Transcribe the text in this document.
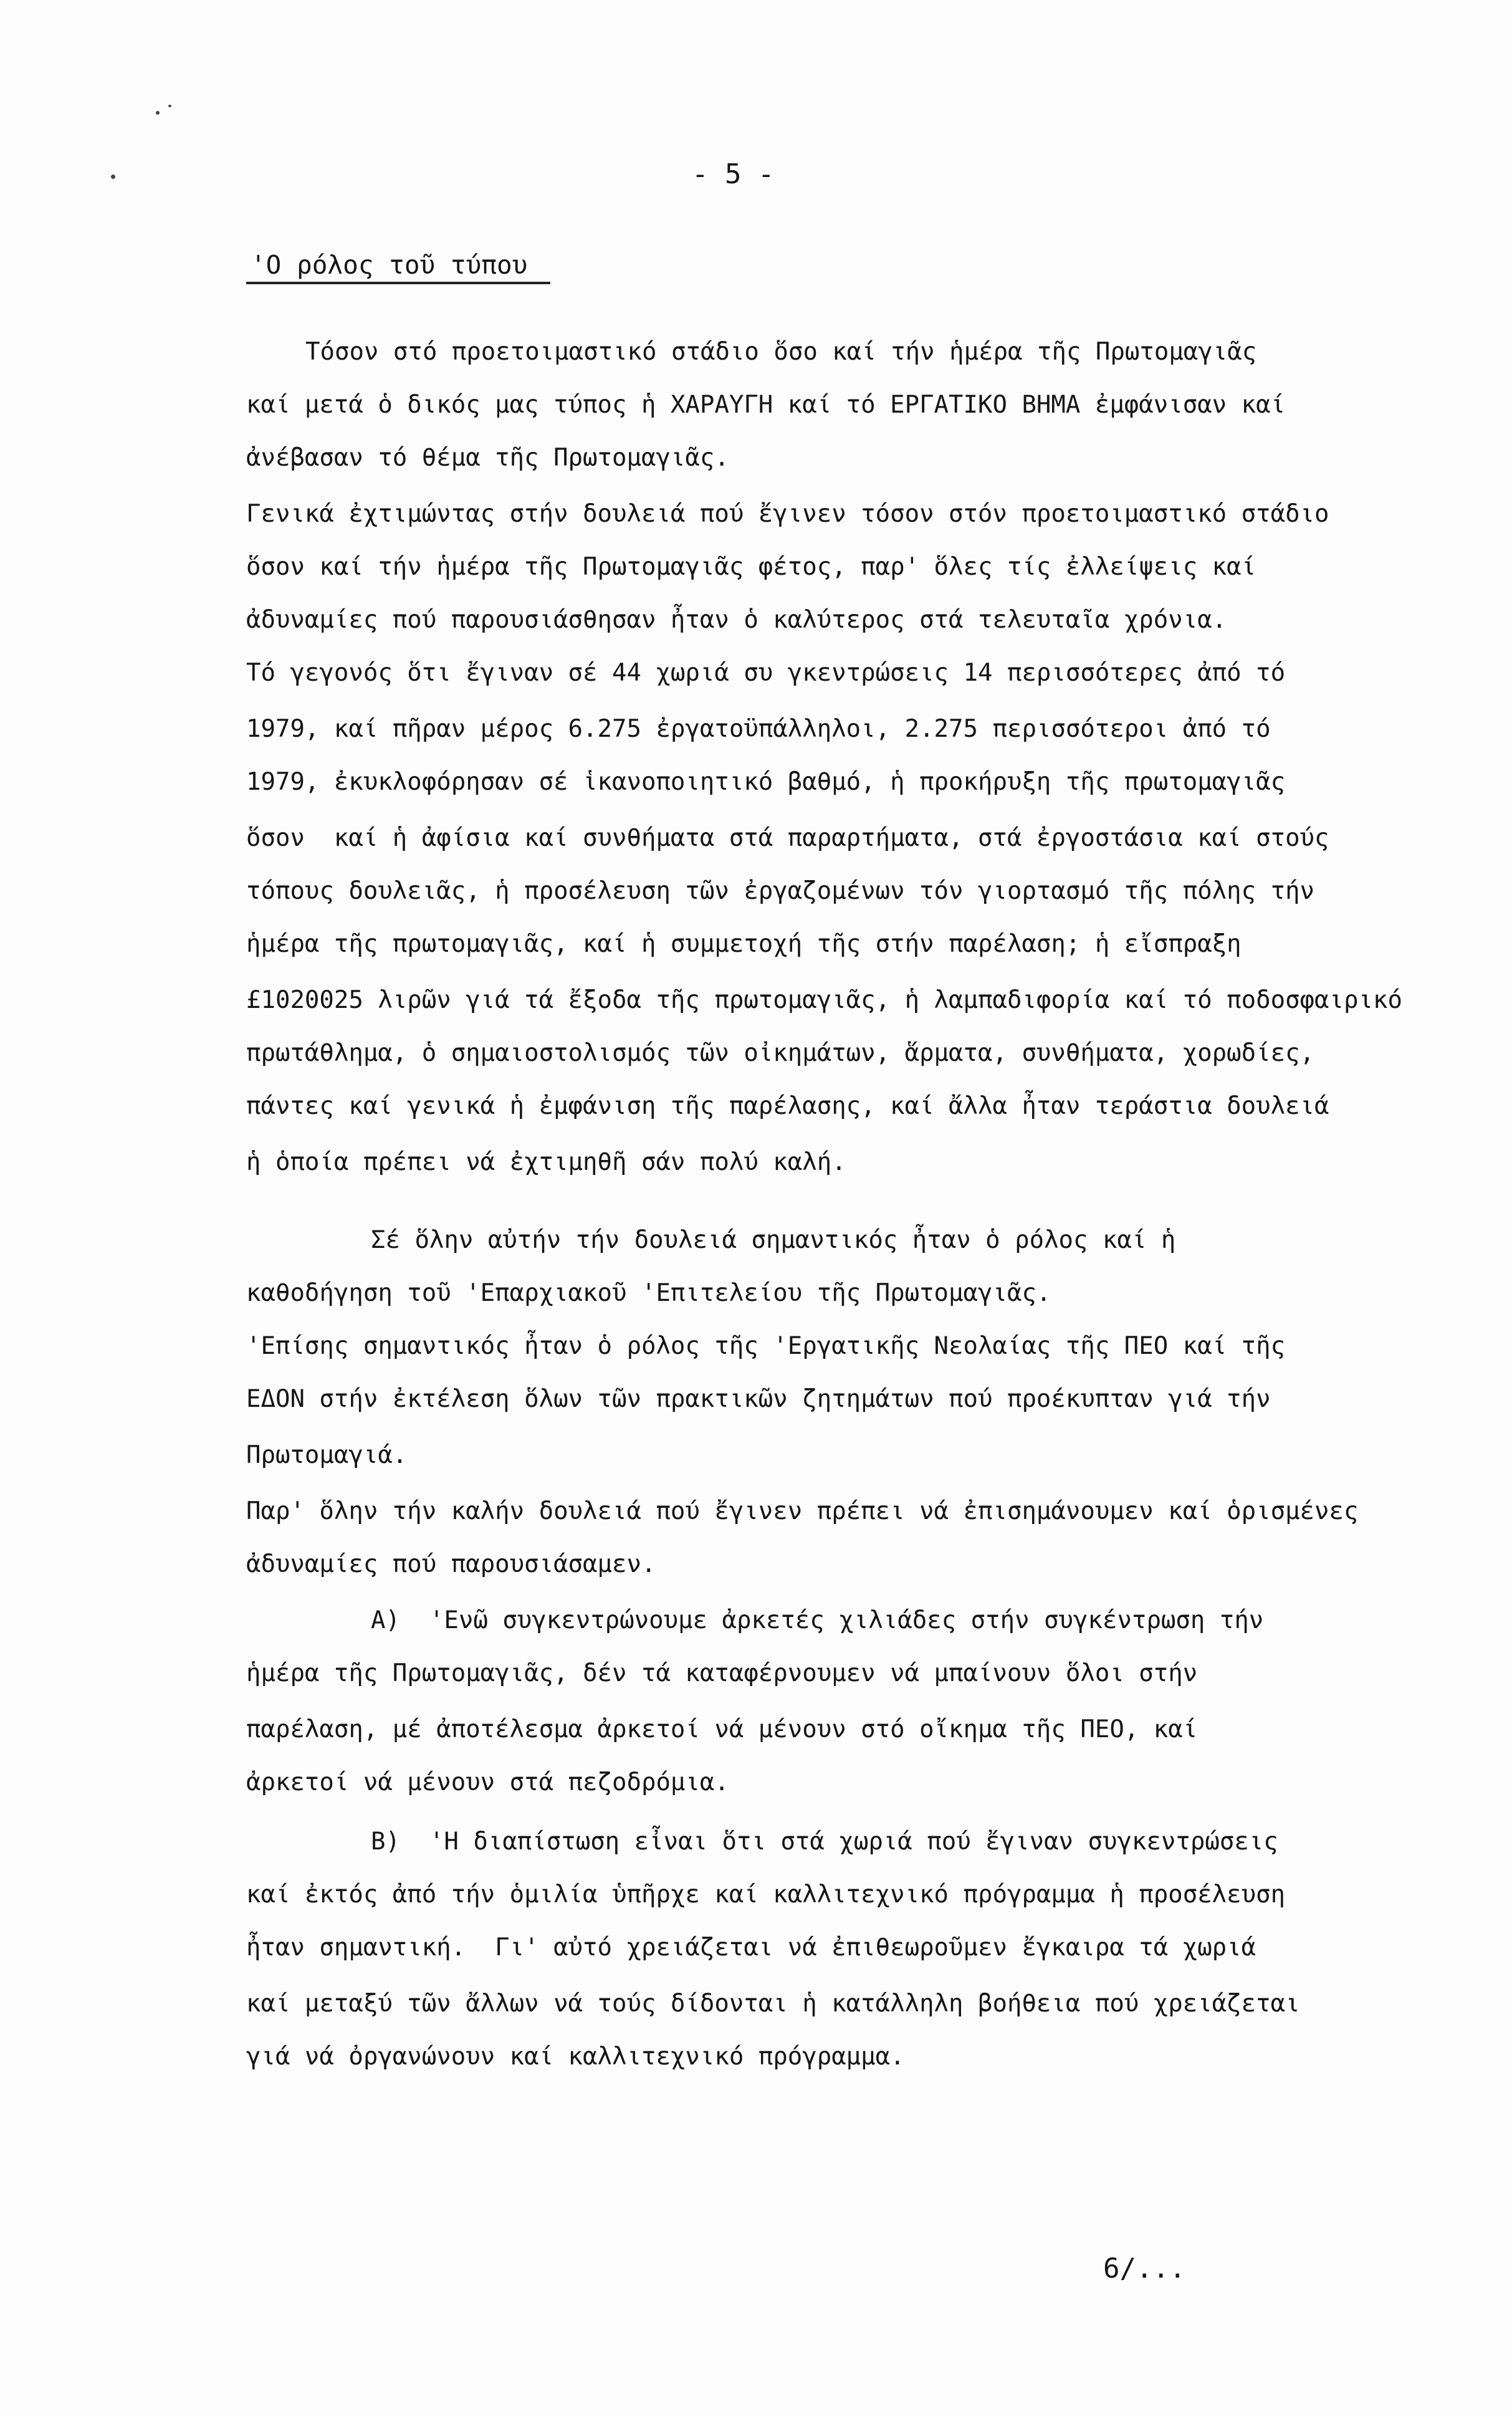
- 5 -

'Ο ρόλος τοῦ τύπου

Τόσον στό προετοιμαστικό στάδιο ὅσο καί τήν ἡμέρα τῆς Πρωτομαγιᾶς

καί μετά ὁ δικός μας τύπος ἡ ΧΑΡΑΥΓΗ καί τό ΕΡΓΑΤΙΚΟ ΒΗΜΑ ἐμφάνισαν καί

ἀνέβασαν τό θέμα τῆς Πρωτομαγιᾶς.

Γενικά ἐχτιμώντας στήν δουλειά πού ἔγινεν τόσον στόν προετοιμαστικό στάδιο

ὅσον καί τήν ἡμέρα τῆς Πρωτομαγιᾶς φέτος, παρ' ὅλες τίς ἐλλείψεις καί

ἀδυναμίες πού παρουσιάσθησαν ἦταν ὁ καλύτερος στά τελευταῖα χρόνια.

Τό γεγονός ὅτι ἔγιναν σέ 44 χωριά συ γκεντρώσεις 14 περισσότερες ἀπό τό

1979, καί πῆραν μέρος 6.275 ἐργατοϋπάλληλοι, 2.275 περισσότεροι ἀπό τό

1979, ἐκυκλοφόρησαν σέ ἱκανοποιητικό βαθμό, ἡ προκήρυξη τῆς πρωτομαγιᾶς

ὅσον  καί ἡ ἀφίσια καί συνθήματα στά παραρτήματα, στά ἐργοστάσια καί στούς

τόπους δουλειᾶς, ἡ προσέλευση τῶν ἐργαζομένων τόν γιορτασμό τῆς πόλης τήν

ἡμέρα τῆς πρωτομαγιᾶς, καί ἡ συμμετοχή τῆς στήν παρέλαση; ἡ εἴσπραξη

£1020025 λιρῶν γιά τά ἔξοδα τῆς πρωτομαγιᾶς, ἡ λαμπαδιφορία καί τό ποδοσφαιρικό

πρωτάθλημα, ὁ σημαιοστολισμός τῶν οἰκημάτων, ἅρματα, συνθήματα, χορωδίες,

πάντες καί γενικά ἡ ἐμφάνιση τῆς παρέλασης, καί ἄλλα ἦταν τεράστια δουλειά

ἡ ὁποία πρέπει νά ἐχτιμηθῆ σάν πολύ καλή.

Σέ ὅλην αὐτήν τήν δουλειά σημαντικός ἦταν ὁ ρόλος καί ἡ

καθοδήγηση τοῦ 'Επαρχιακοῦ 'Επιτελείου τῆς Πρωτομαγιᾶς.

'Επίσης σημαντικός ἦταν ὁ ρόλος τῆς 'Εργατικῆς Νεολαίας τῆς ΠΕΟ καί τῆς

ΕΔΟΝ στήν ἐκτέλεση ὅλων τῶν πρακτικῶν ζητημάτων πού προέκυπταν γιά τήν

Πρωτομαγιά.

Παρ' ὅλην τήν καλήν δουλειά πού ἔγινεν πρέπει νά ἐπισημάνουμεν καί ὁρισμένες

ἀδυναμίες πού παρουσιάσαμεν.

Α)  'Ενῶ συγκεντρώνουμε ἀρκετές χιλιάδες στήν συγκέντρωση τήν

ἡμέρα τῆς Πρωτομαγιᾶς, δέν τά καταφέρνουμεν νά μπαίνουν ὅλοι στήν

παρέλαση, μέ ἀποτέλεσμα ἀρκετοί νά μένουν στό οἴκημα τῆς ΠΕΟ, καί

ἀρκετοί νά μένουν στά πεζοδρόμια.

Β)  'Η διαπίστωση εἶναι ὅτι στά χωριά πού ἔγιναν συγκεντρώσεις

καί ἐκτός ἀπό τήν ὁμιλία ὑπῆρχε καί καλλιτεχνικό πρόγραμμα ἡ προσέλευση

ἦταν σημαντική.  Γι' αὐτό χρειάζεται νά ἐπιθεωροῦμεν ἔγκαιρα τά χωριά

καί μεταξύ τῶν ἄλλων νά τούς δίδονται ἡ κατάλληλη βοήθεια πού χρειάζεται

γιά νά ὀργανώνουν καί καλλιτεχνικό πρόγραμμα.

6/...
